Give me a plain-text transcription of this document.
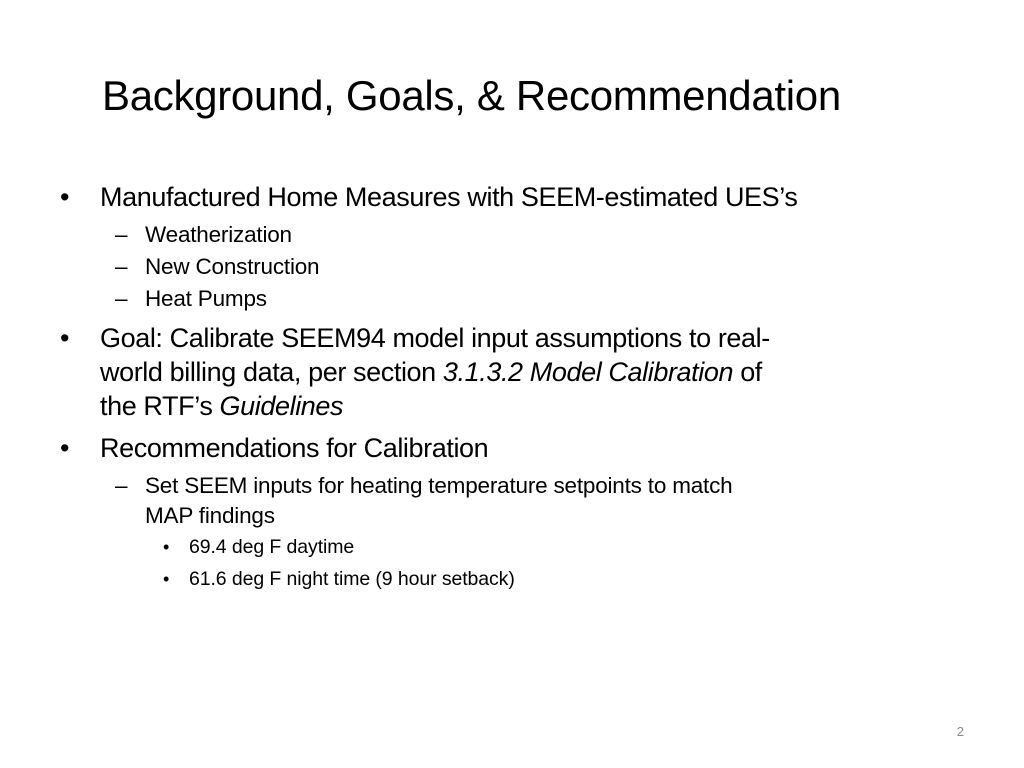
Background, Goals, & Recommendation
• Manufactured Home Measures with SEEM-estimated UES’s
– Weatherization
– New Construction
– Heat Pumps
• Goal: Calibrate SEEM94 model input assumptions to real-
world billing data, per section 3.1.3.2 Model Calibration of
the RTF’s Guidelines
• Recommendations for Calibration
– Set SEEM inputs for heating temperature setpoints to match
MAP findings
• 69.4 deg F daytime
• 61.6 deg F night time (9 hour setback)
2
